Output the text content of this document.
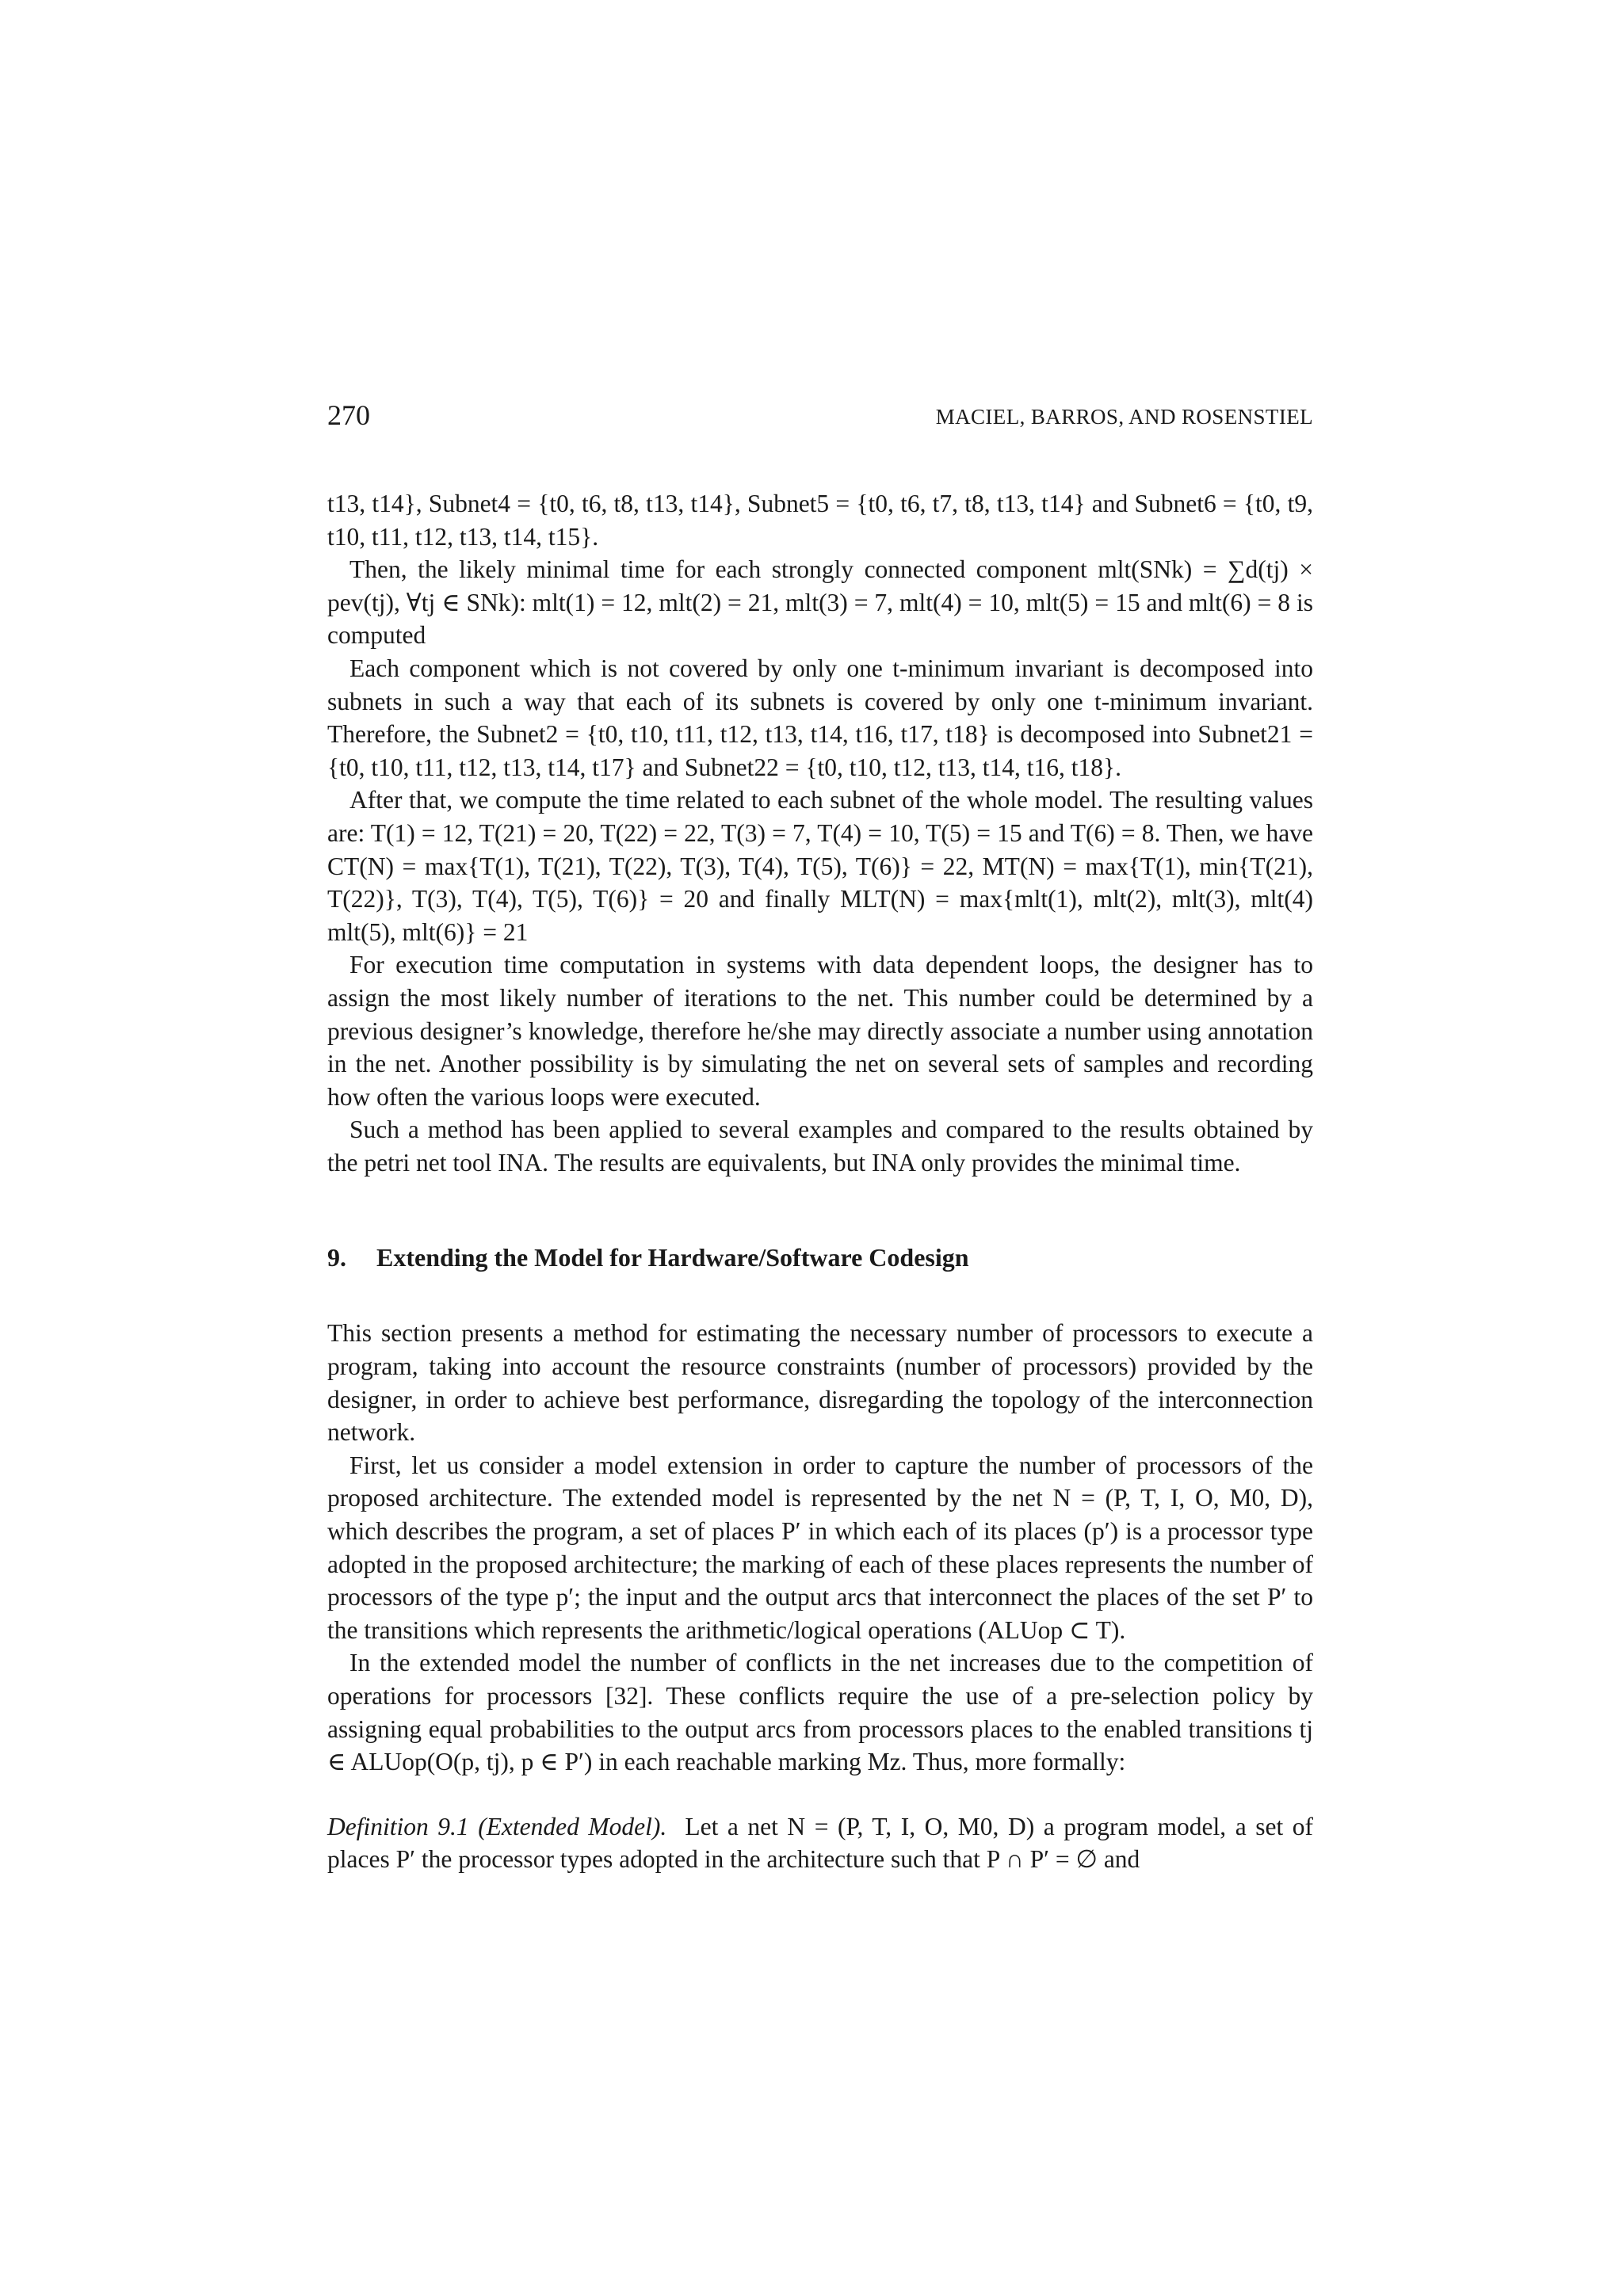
270	MACIEL, BARROS, AND ROSENSTIEL

t13, t14}, Subnet4 = {t0, t6, t8, t13, t14}, Subnet5 = {t0, t6, t7, t8, t13, t14} and Subnet6 = {t0, t9, t10, t11, t12, t13, t14, t15}.

Then, the likely minimal time for each strongly connected component mlt(SNk) = ∑d(tj) × pev(tj), ∀tj ∈ SNk): mlt(1) = 12, mlt(2) = 21, mlt(3) = 7, mlt(4) = 10, mlt(5) = 15 and mlt(6) = 8 is computed

Each component which is not covered by only one t-minimum invariant is decomposed into subnets in such a way that each of its subnets is covered by only one t-minimum invariant. Therefore, the Subnet2 = {t0, t10, t11, t12, t13, t14, t16, t17, t18} is decomposed into Subnet21 = {t0, t10, t11, t12, t13, t14, t17} and Subnet22 = {t0, t10, t12, t13, t14, t16, t18}.

After that, we compute the time related to each subnet of the whole model. The resulting values are: T(1) = 12, T(21) = 20, T(22) = 22, T(3) = 7, T(4) = 10, T(5) = 15 and T(6) = 8. Then, we have CT(N) = max{T(1), T(21), T(22), T(3), T(4), T(5), T(6)} = 22, MT(N) = max{T(1), min{T(21), T(22)}, T(3), T(4), T(5), T(6)} = 20 and finally MLT(N) = max{mlt(1), mlt(2), mlt(3), mlt(4) mlt(5), mlt(6)} = 21

For execution time computation in systems with data dependent loops, the designer has to assign the most likely number of iterations to the net. This number could be determined by a previous designer’s knowledge, therefore he/she may directly associate a number using annotation in the net. Another possibility is by simulating the net on several sets of samples and recording how often the various loops were executed.

Such a method has been applied to several examples and compared to the results obtained by the petri net tool INA. The results are equivalents, but INA only provides the minimal time.

9. Extending the Model for Hardware/Software Codesign

This section presents a method for estimating the necessary number of processors to execute a program, taking into account the resource constraints (number of processors) provided by the designer, in order to achieve best performance, disregarding the topology of the interconnection network.

First, let us consider a model extension in order to capture the number of processors of the proposed architecture. The extended model is represented by the net N = (P, T, I, O, M0, D), which describes the program, a set of places P′ in which each of its places (p′) is a processor type adopted in the proposed architecture; the marking of each of these places represents the number of processors of the type p′; the input and the output arcs that interconnect the places of the set P′ to the transitions which represents the arithmetic/logical operations (ALUop ⊂ T).

In the extended model the number of conflicts in the net increases due to the competition of operations for processors [32]. These conflicts require the use of a pre-selection policy by assigning equal probabilities to the output arcs from processors places to the enabled transitions tj ∈ ALUop(O(p, tj), p ∈ P′) in each reachable marking Mz. Thus, more formally:

Definition 9.1 (Extended Model). Let a net N = (P, T, I, O, M0, D) a program model, a set of places P′ the processor types adopted in the architecture such that P ∩ P′ = ∅ and
